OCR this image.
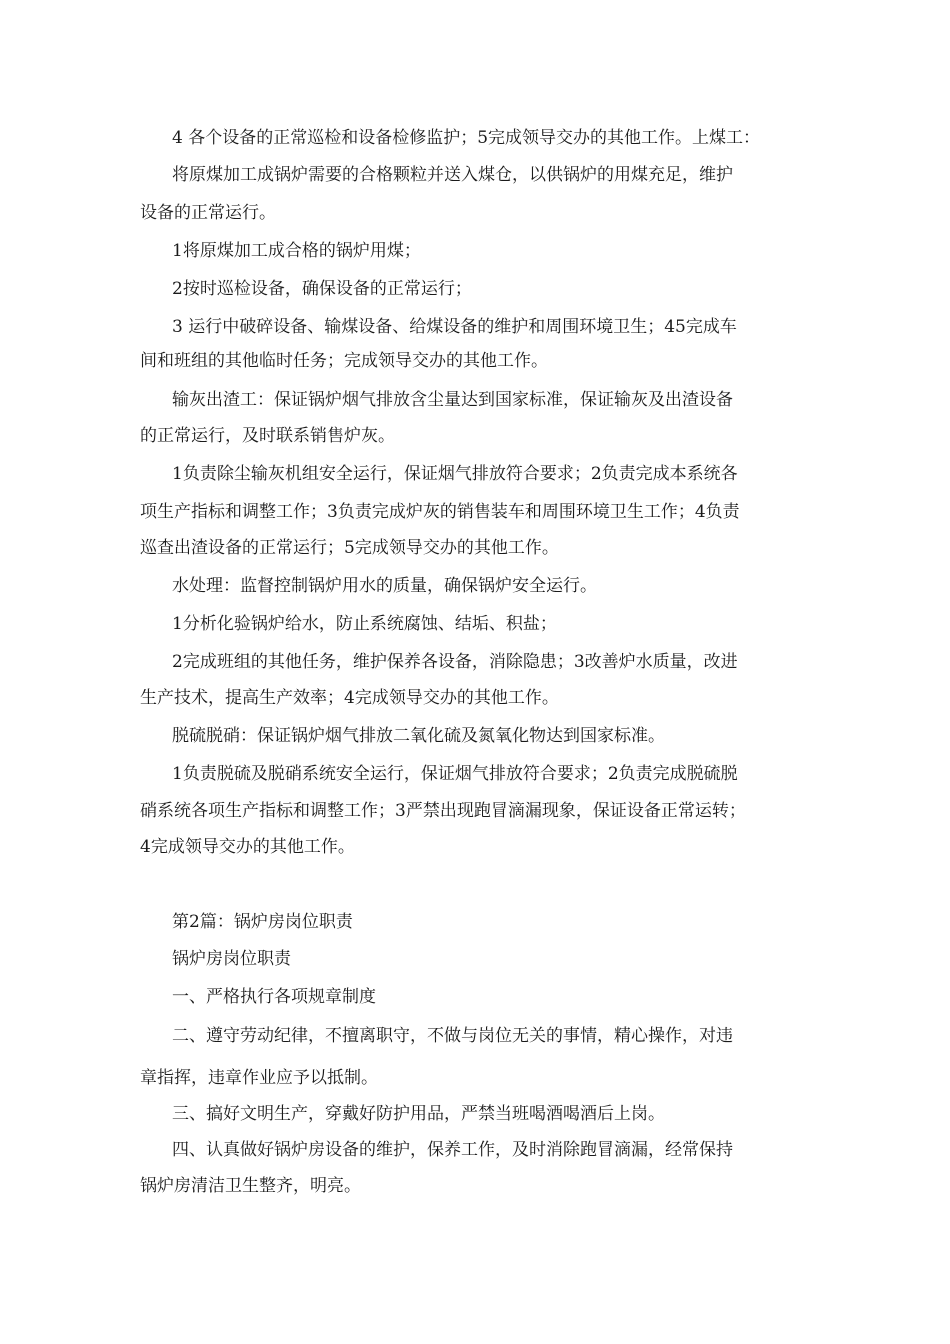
4 各个设备的正常巡检和设备检修监护；5完成领导交办的其他工作。上煤工：
将原煤加工成锅炉需要的合格颗粒并送入煤仓，以供锅炉的用煤充足，维护
设备的正常运行。
1将原煤加工成合格的锅炉用煤；
2按时巡检设备，确保设备的正常运行；
3 运行中破碎设备、输煤设备、给煤设备的维护和周围环境卫生；45完成车
间和班组的其他临时任务；完成领导交办的其他工作。
输灰出渣工：保证锅炉烟气排放含尘量达到国家标准，保证输灰及出渣设备
的正常运行，及时联系销售炉灰。
1负责除尘输灰机组安全运行，保证烟气排放符合要求；2负责完成本系统各
项生产指标和调整工作；3负责完成炉灰的销售装车和周围环境卫生工作；4负责
巡查出渣设备的正常运行；5完成领导交办的其他工作。
水处理：监督控制锅炉用水的质量，确保锅炉安全运行。
1分析化验锅炉给水，防止系统腐蚀、结垢、积盐；
2完成班组的其他任务，维护保养各设备，消除隐患；3改善炉水质量，改进
生产技术，提高生产效率；4完成领导交办的其他工作。
脱硫脱硝：保证锅炉烟气排放二氧化硫及氮氧化物达到国家标准。
1负责脱硫及脱硝系统安全运行，保证烟气排放符合要求；2负责完成脱硫脱
硝系统各项生产指标和调整工作；3严禁出现跑冒滴漏现象，保证设备正常运转；
4完成领导交办的其他工作。
第2篇：锅炉房岗位职责
锅炉房岗位职责
一、严格执行各项规章制度
二、遵守劳动纪律，不擅离职守，不做与岗位无关的事情，精心操作，对违
章指挥，违章作业应予以抵制。
三、搞好文明生产，穿戴好防护用品，严禁当班喝酒喝酒后上岗。
四、认真做好锅炉房设备的维护，保养工作，及时消除跑冒滴漏，经常保持
锅炉房清洁卫生整齐，明亮。
